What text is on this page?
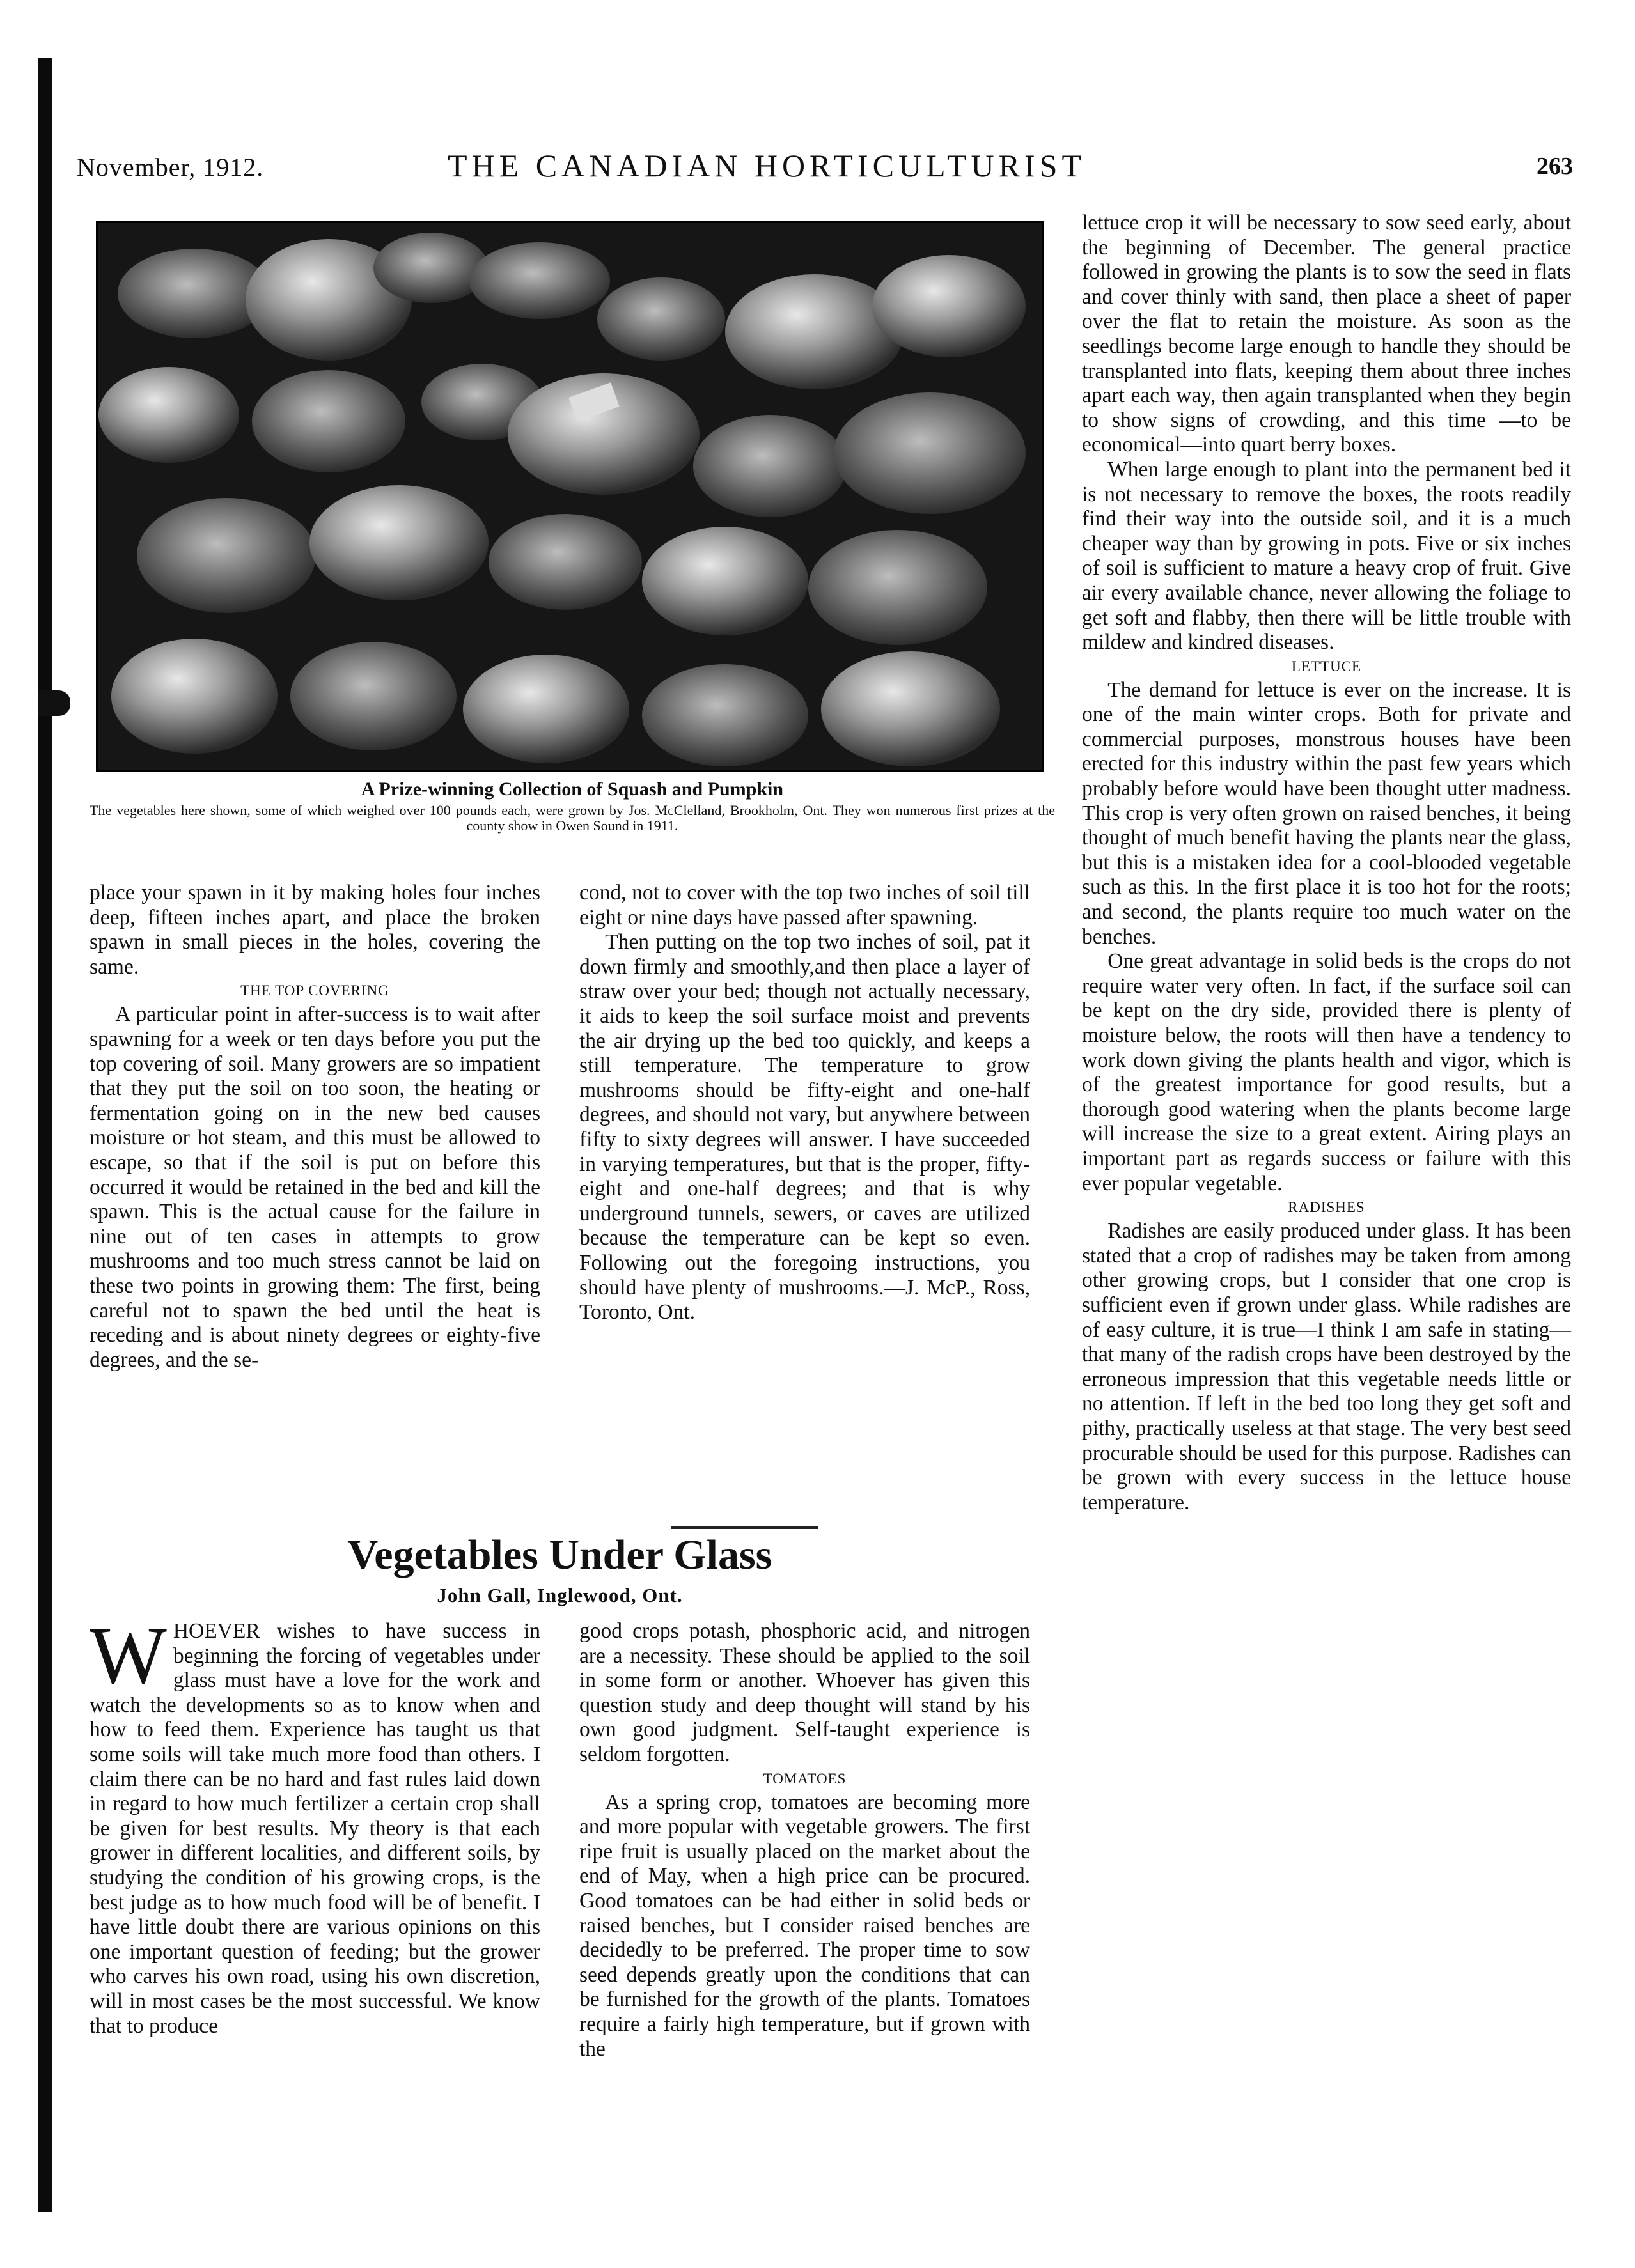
November, 1912.	THE CANADIAN HORTICULTURIST	263
A Prize-winning Collection of Squash and Pumpkin
The vegetables here shown, some of which weighed over 100 pounds each, were grown by Jos. McClelland, Brookholm, Ont. They won numerous first prizes at the county show in Owen Sound in 1911.

place your spawn in it by making holes four inches deep, fifteen inches apart, and place the broken spawn in small pieces in the holes, covering the same.

THE TOP COVERING

A particular point in after-success is to wait after spawning for a week or ten days before you put the top covering of soil. Many growers are so impatient that they put the soil on too soon, the heating or fermentation going on in the new bed causes moisture or hot steam, and this must be allowed to escape, so that if the soil is put on before this occurred it would be retained in the bed and kill the spawn. This is the actual cause for the failure in nine out of ten cases in attempts to grow mushrooms and too much stress cannot be laid on these two points in growing them: The first, being careful not to spawn the bed until the heat is receding and is about ninety degrees or eighty-five degrees, and the se-

cond, not to cover with the top two inches of soil till eight or nine days have passed after spawning.

Then putting on the top two inches of soil, pat it down firmly and smoothly,and then place a layer of straw over your bed; though not actually necessary, it aids to keep the soil surface moist and prevents the air drying up the bed too quickly, and keeps a still temperature. The temperature to grow mushrooms should be fifty-eight and one-half degrees, and should not vary, but anywhere between fifty to sixty degrees will answer. I have succeeded in varying temperatures, but that is the proper, fifty-eight and one-half degrees; and that is why underground tunnels, sewers, or caves are utilized because the temperature can be kept so even. Following out the foregoing instructions, you should have plenty of mushrooms.—J. McP., Ross, Toronto, Ont.

Vegetables Under Glass
John Gall, Inglewood, Ont.

W HOEVER wishes to have success in beginning the forcing of vegetables under glass must have a love for the work and watch the developments so as to know when and how to feed them. Experience has taught us that some soils will take much more food than others. I claim there can be no hard and fast rules laid down in regard to how much fertilizer a certain crop shall be given for best results. My theory is that each grower in different localities, and different soils, by studying the condition of his growing crops, is the best judge as to how much food will be of benefit. I have little doubt there are various opinions on this one important question of feeding; but the grower who carves his own road, using his own discretion, will in most cases be the most successful. We know that to produce

good crops potash, phosphoric acid, and nitrogen are a necessity. These should be applied to the soil in some form or another. Whoever has given this question study and deep thought will stand by his own good judgment. Self-taught experience is seldom forgotten.

TOMATOES

As a spring crop, tomatoes are becoming more and more popular with vegetable growers. The first ripe fruit is usually placed on the market about the end of May, when a high price can be procured. Good tomatoes can be had either in solid beds or raised benches, but I consider raised benches are decidedly to be preferred. The proper time to sow seed depends greatly upon the conditions that can be furnished for the growth of the plants. Tomatoes require a fairly high temperature, but if grown with the

lettuce crop it will be necessary to sow seed early, about the beginning of December. The general practice followed in growing the plants is to sow the seed in flats and cover thinly with sand, then place a sheet of paper over the flat to retain the moisture. As soon as the seedlings become large enough to handle they should be transplanted into flats, keeping them about three inches apart each way, then again transplanted when they begin to show signs of crowding, and this time —to be economical—into quart berry boxes.

When large enough to plant into the permanent bed it is not necessary to remove the boxes, the roots readily find their way into the outside soil, and it is a much cheaper way than by growing in pots. Five or six inches of soil is sufficient to mature a heavy crop of fruit. Give air every available chance, never allowing the foliage to get soft and flabby, then there will be little trouble with mildew and kindred diseases.

LETTUCE

The demand for lettuce is ever on the increase. It is one of the main winter crops. Both for private and commercial purposes, monstrous houses have been erected for this industry within the past few years which probably before would have been thought utter madness. This crop is very often grown on raised benches, it being thought of much benefit having the plants near the glass, but this is a mistaken idea for a cool-blooded vegetable such as this. In the first place it is too hot for the roots; and second, the plants require too much water on the benches.

One great advantage in solid beds is the crops do not require water very often. In fact, if the surface soil can be kept on the dry side, provided there is plenty of moisture below, the roots will then have a tendency to work down giving the plants health and vigor, which is of the greatest importance for good results, but a thorough good watering when the plants become large will increase the size to a great extent. Airing plays an important part as regards success or failure with this ever popular vegetable.

RADISHES

Radishes are easily produced under glass. It has been stated that a crop of radishes may be taken from among other growing crops, but I consider that one crop is sufficient even if grown under glass. While radishes are of easy culture, it is true—I think I am safe in stating—that many of the radish crops have been destroyed by the erroneous impression that this vegetable needs little or no attention. If left in the bed too long they get soft and pithy, practically useless at that stage. The very best seed procurable should be used for this purpose. Radishes can be grown with every success in the lettuce house temperature.
